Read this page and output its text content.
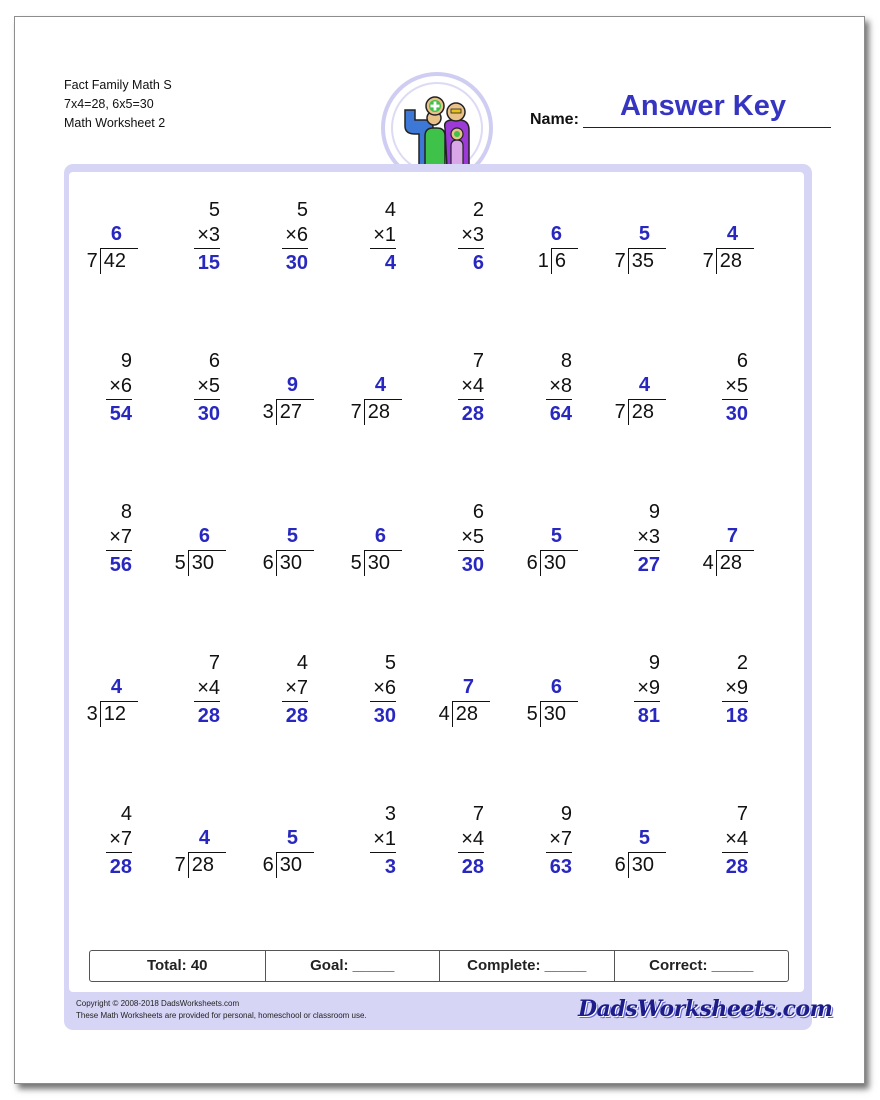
Fact Family Math S
7x4=28, 6x5=30
Math Worksheet 2
Answer Key
Name:
6
7 42
5
×3
15
5
×6
30
4
×1
4
2
×3
6
6
1 6
5
7 35
4
7 28
9
×6
54
6
×5
30
9
3 27
4
7 28
7
×4
28
8
×8
64
4
7 28
6
×5
30
8
×7
56
6
5 30
5
6 30
6
5 30
6
×5
30
5
6 30
9
×3
27
7
4 28
4
3 12
7
×4
28
4
×7
28
5
×6
30
7
4 28
6
5 30
9
×9
81
2
×9
18
4
×7
28
4
7 28
5
6 30
3
×1
3
7
×4
28
9
×7
63
5
6 30
7
×4
28
Total: 40	Goal: _____	Complete: _____	Correct: _____
Copyright © 2008-2018 DadsWorksheets.com
These Math Worksheets are provided for personal, homeschool or classroom use.	DadsWorksheets.com
